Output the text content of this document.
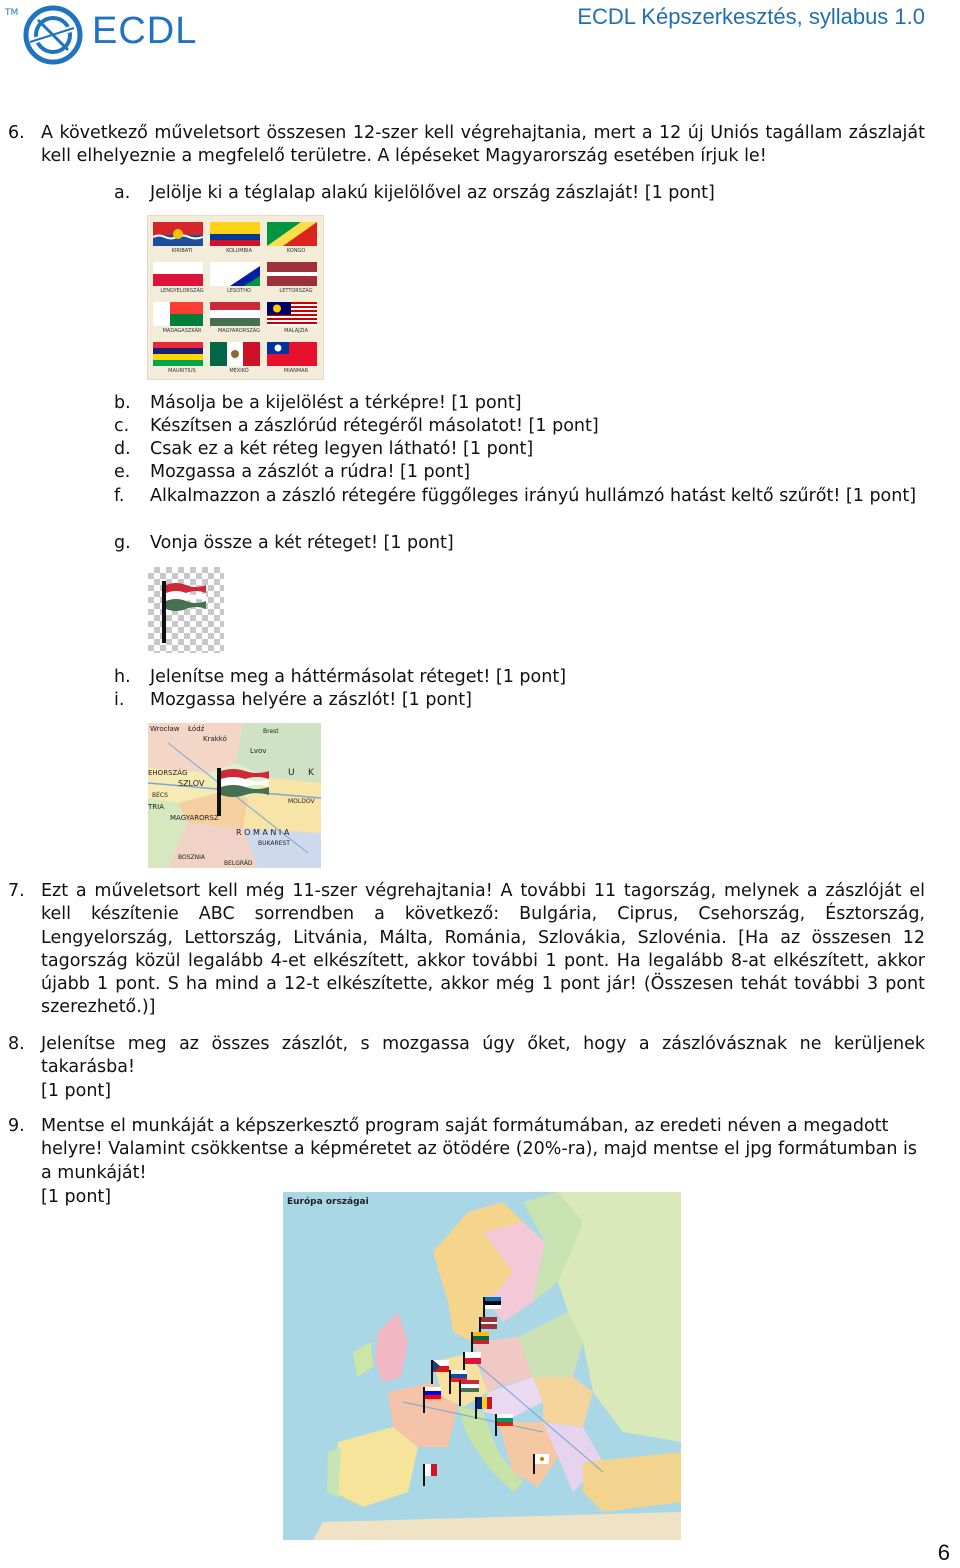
TM ECDL	ECDL Képszerkesztés, syllabus 1.0
6. A következő műveletsort összesen 12-szer kell végrehajtania, mert a 12 új Uniós tagállam zászlaját kell elhelyeznie a megfelelő területre. A lépéseket Magyarország esetében írjuk le!
a. Jelölje ki a téglalap alakú kijelölővel az ország zászlaját! [1 pont]
KIRIBATI	KOLUMBIA	KONGO
LENGYELORSZÁG	LESOTHO	LETTORSZÁG
MADAGASZKÁR	MAGYARORSZÁG	MALAJZIA
MAURITIUS	MEXIKÓ	MIANMAR
b. Másolja be a kijelölést a térképre! [1 pont]
c. Készítsen a zászlórúd rétegéről másolatot! [1 pont]
d. Csak ez a két réteg legyen látható! [1 pont]
e. Mozgassa a zászlót a rúdra! [1 pont]
f. Alkalmazzon a zászló rétegére függőleges irányú hullámzó hatást keltő szűrőt! [1 pont]
g. Vonja össze a két réteget! [1 pont]
h. Jelenítse meg a háttérmásolat réteget! [1 pont]
i. Mozgassa helyére a zászlót! [1 pont]
Wrocław Łódź
Krakkó
Lvov
EHORSZÁG
SZLOV
BÉCS
TRIA
MAGYARORSZ
R O M A N I A
U K
BUKAREST
BOSZNIA
BELGRÁD
Brest
MOLDOV
7. Ezt a műveletsort kell még 11-szer végrehajtania! A további 11 tagország, melynek a zászlóját el kell készítenie ABC sorrendben a következő: Bulgária, Ciprus, Csehország, Észtország, Lengyelország, Lettország, Litvánia, Málta, Románia, Szlovákia, Szlovénia. [Ha az összesen 12 tagország közül legalább 4-et elkészített, akkor további 1 pont. Ha legalább 8-at elkészített, akkor újabb 1 pont. S ha mind a 12-t elkészítette, akkor még 1 pont jár! (Összesen tehát további 3 pont szerezhető.)]
8. Jelenítse meg az összes zászlót, s mozgassa úgy őket, hogy a zászlóvásznak ne kerüljenek takarásba!
[1 pont]
9. Mentse el munkáját a képszerkesztő program saját formátumában, az eredeti néven a megadott helyre! Valamint csökkentse a képméretet az ötödére (20%-ra), majd mentse el jpg formátumban is a munkáját!
[1 pont]	Európa országai
6
